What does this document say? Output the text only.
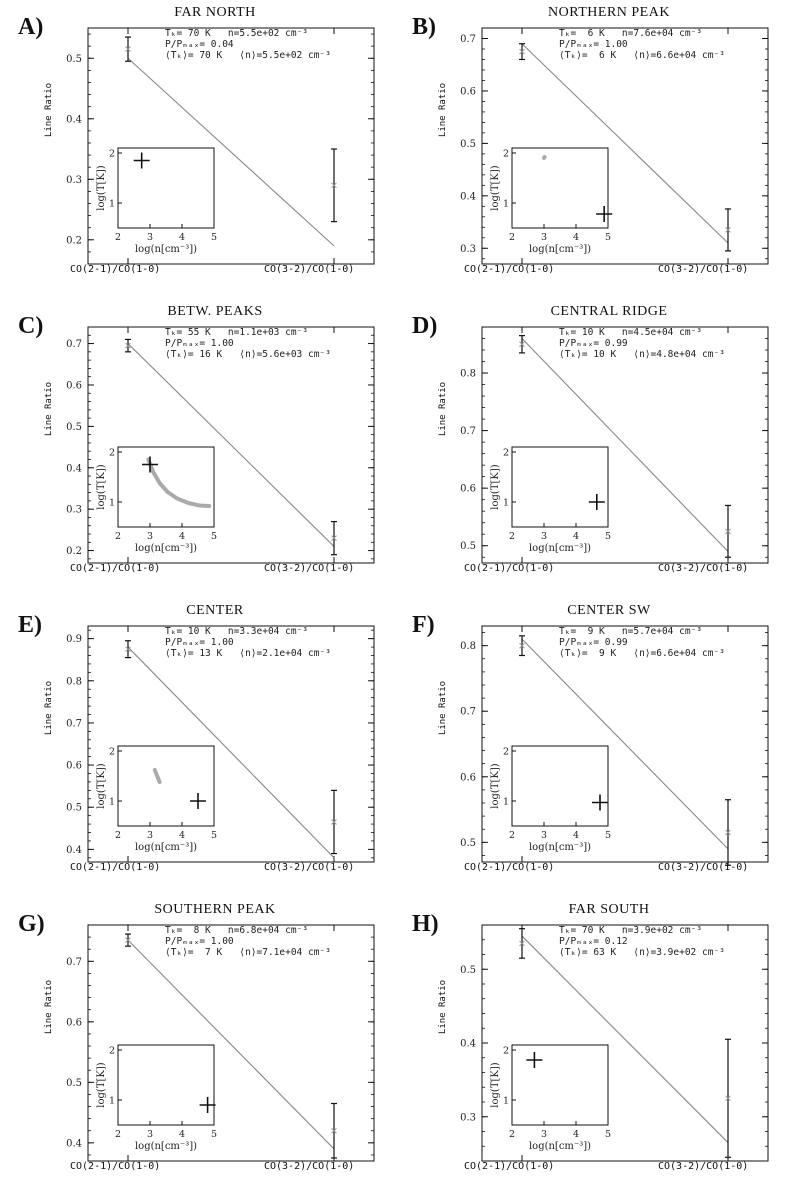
A)
FAR NORTH
Tₖ= 70 K   n=5.5e+02 cm⁻³
P/Pₘₐₓ= 0.04
⟨Tₖ⟩= 70 K   ⟨n⟩=5.5e+02 cm⁻³
Line Ratio
CO(2-1)/CO(1-0)	CO(3-2)/CO(1-0)
0.2
0.3
0.4
0.5
2	3	4	5
1
2
log(n[cm⁻³])
log(T[K])
B)
NORTHERN PEAK
Tₖ=  6 K   n=7.6e+04 cm⁻³
P/Pₘₐₓ= 1.00
⟨Tₖ⟩=  6 K   ⟨n⟩=6.6e+04 cm⁻³
Line Ratio
CO(2-1)/CO(1-0)	CO(3-2)/CO(1-0)
0.3
0.4
0.5
0.6
0.7
2	3	4	5
1
2
log(n[cm⁻³])
log(T[K])
C)
BETW. PEAKS
Tₖ= 55 K   n=1.1e+03 cm⁻³
P/Pₘₐₓ= 1.00
⟨Tₖ⟩= 16 K   ⟨n⟩=5.6e+03 cm⁻³
Line Ratio
CO(2-1)/CO(1-0)	CO(3-2)/CO(1-0)
0.2
0.3
0.4
0.5
0.6
0.7
2	3	4	5
1
2
log(n[cm⁻³])
log(T[K])
D)
CENTRAL RIDGE
Tₖ= 10 K   n=4.5e+04 cm⁻³
P/Pₘₐₓ= 0.99
⟨Tₖ⟩= 10 K   ⟨n⟩=4.8e+04 cm⁻³
Line Ratio
CO(2-1)/CO(1-0)	CO(3-2)/CO(1-0)
0.5
0.6
0.7
0.8
2	3	4	5
1
2
log(n[cm⁻³])
log(T[K])
E)
CENTER
Tₖ= 10 K   n=3.3e+04 cm⁻³
P/Pₘₐₓ= 1.00
⟨Tₖ⟩= 13 K   ⟨n⟩=2.1e+04 cm⁻³
Line Ratio
CO(2-1)/CO(1-0)	CO(3-2)/CO(1-0)
0.4
0.5
0.6
0.7
0.8
0.9
2	3	4	5
1
2
log(n[cm⁻³])
log(T[K])
F)
CENTER SW
Tₖ=  9 K   n=5.7e+04 cm⁻³
P/Pₘₐₓ= 0.99
⟨Tₖ⟩=  9 K   ⟨n⟩=6.6e+04 cm⁻³
Line Ratio
CO(2-1)/CO(1-0)	CO(3-2)/CO(1-0)
0.5
0.6
0.7
0.8
2	3	4	5
1
2
log(n[cm⁻³])
log(T[K])
G)
SOUTHERN PEAK
Tₖ=  8 K   n=6.8e+04 cm⁻³
P/Pₘₐₓ= 1.00
⟨Tₖ⟩=  7 K   ⟨n⟩=7.1e+04 cm⁻³
Line Ratio
CO(2-1)/CO(1-0)	CO(3-2)/CO(1-0)
0.4
0.5
0.6
0.7
2	3	4	5
1
2
log(n[cm⁻³])
log(T[K])
H)
FAR SOUTH
Tₖ= 70 K   n=3.9e+02 cm⁻³
P/Pₘₐₓ= 0.12
⟨Tₖ⟩= 63 K   ⟨n⟩=3.9e+02 cm⁻³
Line Ratio
CO(2-1)/CO(1-0)	CO(3-2)/CO(1-0)
0.3
0.4
0.5
2	3	4	5
1
2
log(n[cm⁻³])
log(T[K])
